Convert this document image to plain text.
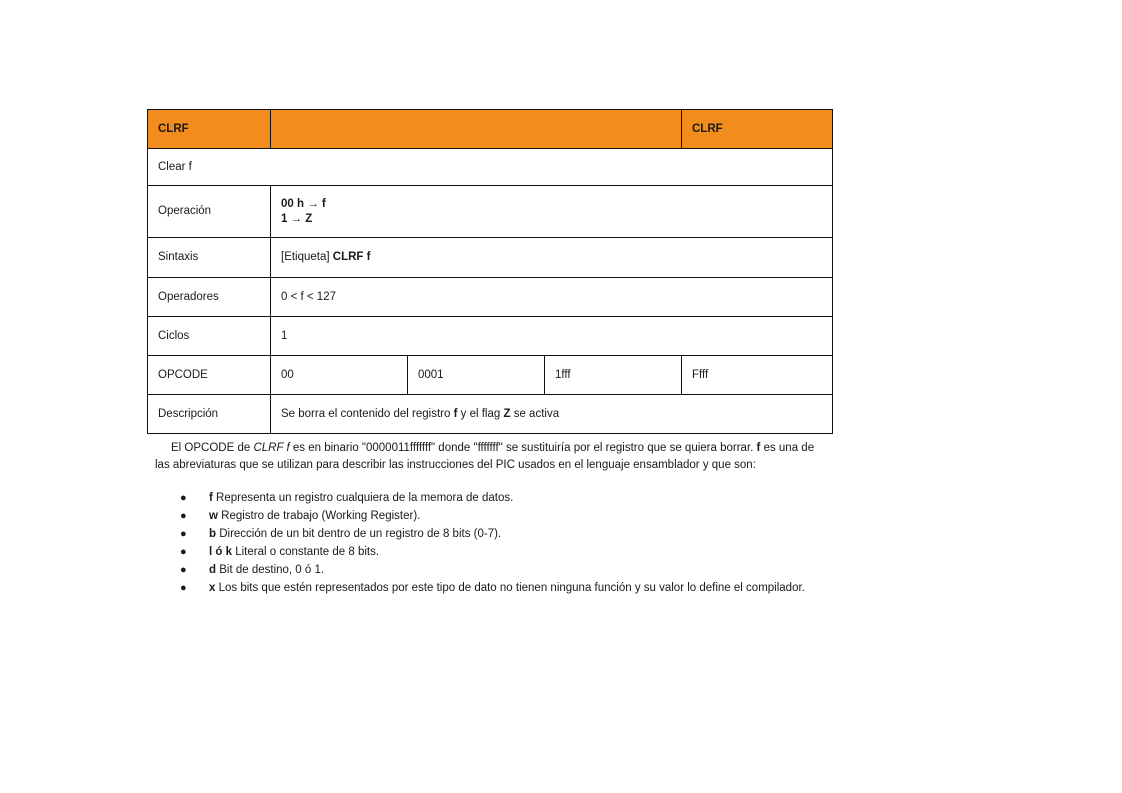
CLRF				CLRF
Clear f				
Operación	00 h → f
1 → Z			
Sintaxis	[Etiqueta] CLRF f			
Operadores	0 < f < 127			
Ciclos	1			
OPCODE	00	0001	1fff	Ffff
Descripción	Se borra el contenido del registro f y el flag Z se activa			

El OPCODE de CLRF f es en binario "0000011fffffff" donde "fffffff" se sustituiría por el registro que se quiera borrar. f es una de las abreviaturas que se utilizan para describir las instrucciones del PIC usados en el lenguaje ensamblador y que son:

● f Representa un registro cualquiera de la memora de datos.
● w Registro de trabajo (Working Register).
● b Dirección de un bit dentro de un registro de 8 bits (0-7).
● l ó k Literal o constante de 8 bits.
● d Bit de destino, 0 ó 1.
● x Los bits que estén representados por este tipo de dato no tienen ninguna función y su valor lo define el compilador.
